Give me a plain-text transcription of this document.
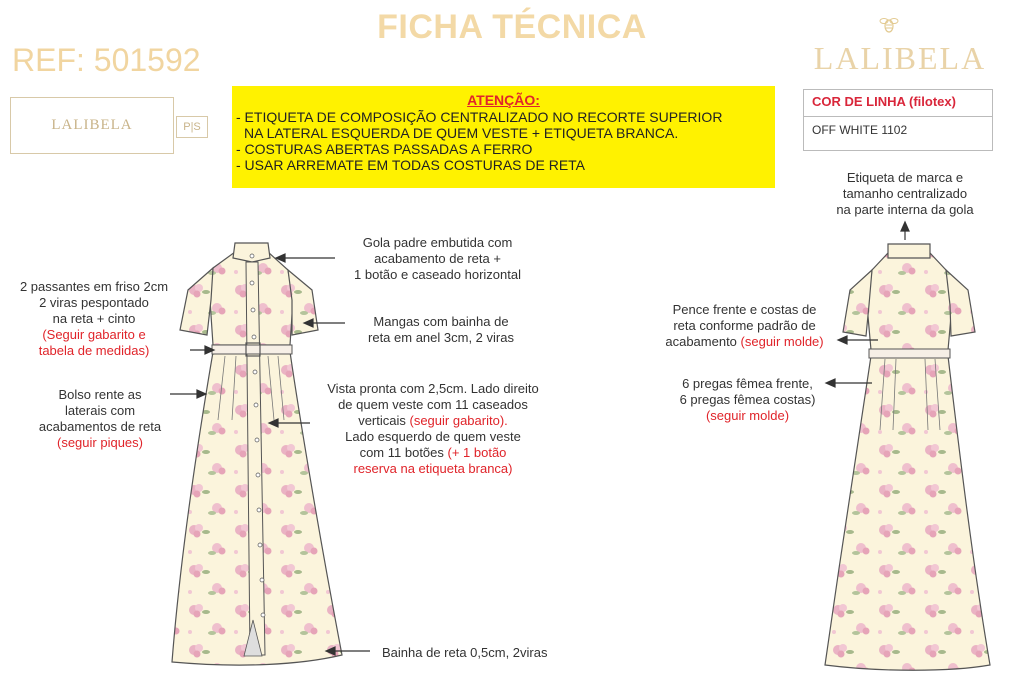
FICHA TÉCNICA
REF: 501592	LALIBELA
LALIBELA	P|S
ATENÇÃO:
- ETIQUETA DE COMPOSIÇÃO CENTRALIZADO NO RECORTE SUPERIOR
NA LATERAL ESQUERDA DE QUEM VESTE + ETIQUETA BRANCA.
- COSTURAS ABERTAS PASSADAS A FERRO
- USAR ARREMATE EM TODAS COSTURAS DE RETA
COR DE LINHA (filotex)
OFF WHITE 1102
2 passantes em friso 2cm
2 viras pespontado
na reta + cinto
(Seguir gabarito e
tabela de medidas)
Bolso rente as
laterais com
acabamentos de reta
(seguir piques)
Gola padre embutida com
acabamento de reta +
1 botão e caseado horizontal
Mangas com bainha de
reta em anel 3cm, 2 viras
Vista pronta com 2,5cm. Lado direito
de quem veste com 11 caseados
verticais (seguir gabarito).
Lado esquerdo de quem veste
com 11 botões (+ 1 botão
reserva na etiqueta branca)
Bainha de reta 0,5cm, 2viras
Etiqueta de marca e
tamanho centralizado
na parte interna da gola
Pence frente e costas de
reta conforme padrão de
acabamento (seguir molde)
6 pregas fêmea frente,
6 pregas fêmea costas)
(seguir molde)
